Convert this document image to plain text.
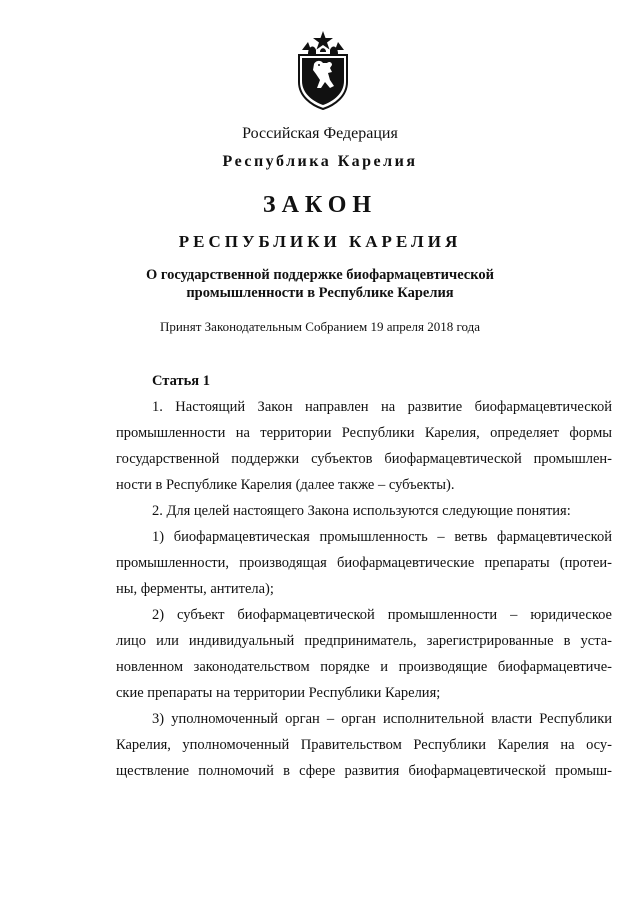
Российская Федерация
Республика Карелия
ЗАКОН
РЕСПУБЛИКИ КАРЕЛИЯ
О государственной поддержке биофармацевтической
промышленности в Республике Карелия
Принят Законодательным Собранием 19 апреля 2018 года
Статья 1
1. Настоящий Закон направлен на развитие биофармацевтической
промышленности на территории Республики Карелия, определяет формы
государственной поддержки субъектов биофармацевтической промышлен-
ности в Республике Карелия (далее также – субъекты).
2. Для целей настоящего Закона используются следующие понятия:
1) биофармацевтическая промышленность – ветвь фармацевтической
промышленности, производящая биофармацевтические препараты (протеи-
ны, ферменты, антитела);
2) субъект биофармацевтической промышленности – юридическое
лицо или индивидуальный предприниматель, зарегистрированные в уста-
новленном законодательством порядке и производящие биофармацевтиче-
ские препараты на территории Республики Карелия;
3) уполномоченный орган – орган исполнительной власти Республики
Карелия, уполномоченный Правительством Республики Карелия на осу-
ществление полномочий в сфере развития биофармацевтической промыш-
